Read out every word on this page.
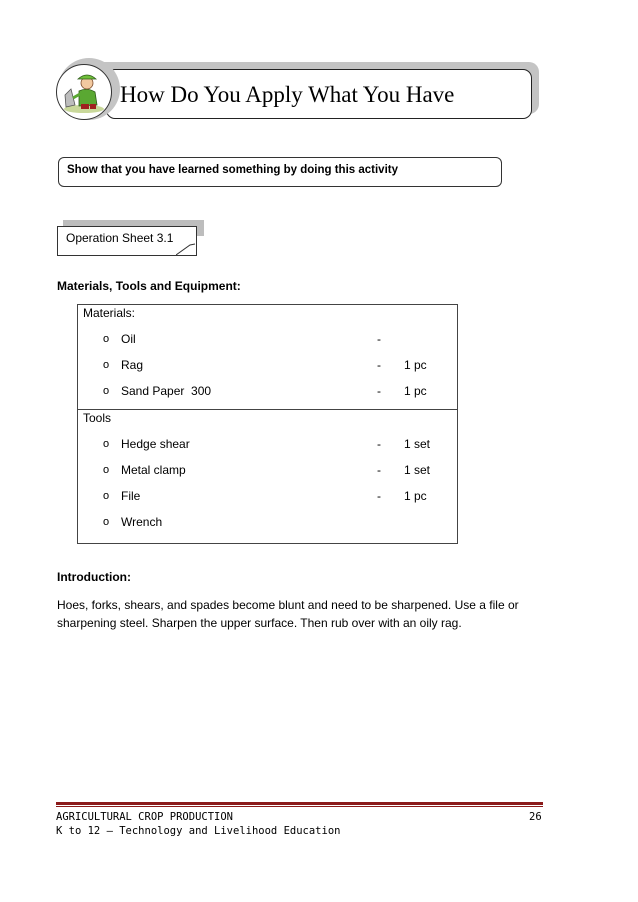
How Do You Apply What You Have
Show that you have learned something by doing this activity
Operation Sheet 3.1
Materials, Tools and Equipment:
Materials:
o Oil	-
o Rag	- 1 pc
o Sand Paper  300	- 1 pc
Tools
o Hedge shear	- 1 set
o Metal clamp	- 1 set
o File	- 1 pc
o Wrench
Introduction:
Hoes, forks, shears, and spades become blunt and need to be sharpened. Use a file or
sharpening steel. Sharpen the upper surface. Then rub over with an oily rag.
AGRICULTURAL CROP PRODUCTION
K to 12 – Technology and Livelihood Education
26
